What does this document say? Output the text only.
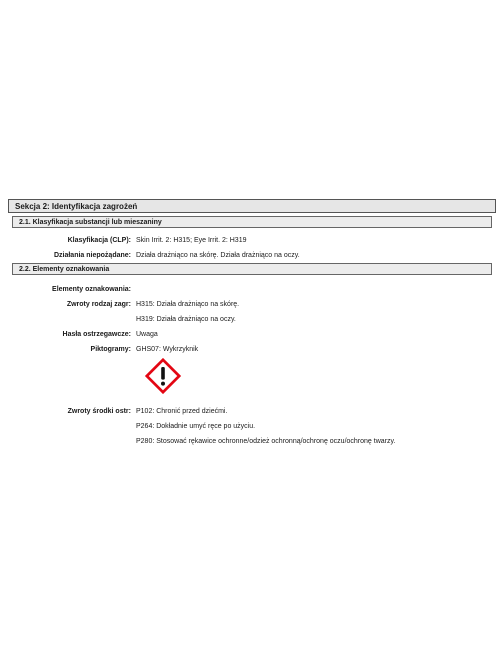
Sekcja 2: Identyfikacja zagrożeń
2.1. Klasyfikacja substancji lub mieszaniny
Klasyfikacja (CLP): Skin Irrit. 2: H315; Eye Irrit. 2: H319
Działania niepożądane: Działa drażniąco na skórę. Działa drażniąco na oczy.
2.2. Elementy oznakowania
Elementy oznakowania:
Zwroty rodzaj zagr: H315: Działa drażniąco na skórę.
H319: Działa drażniąco na oczy.
Hasła ostrzegawcze: Uwaga
Piktogramy: GHS07: Wykrzyknik
Zwroty środki ostr: P102: Chronić przed dziećmi.
P264: Dokładnie umyć ręce po użyciu.
P280: Stosować rękawice ochronne/odzież ochronną/ochronę oczu/ochronę twarzy.
